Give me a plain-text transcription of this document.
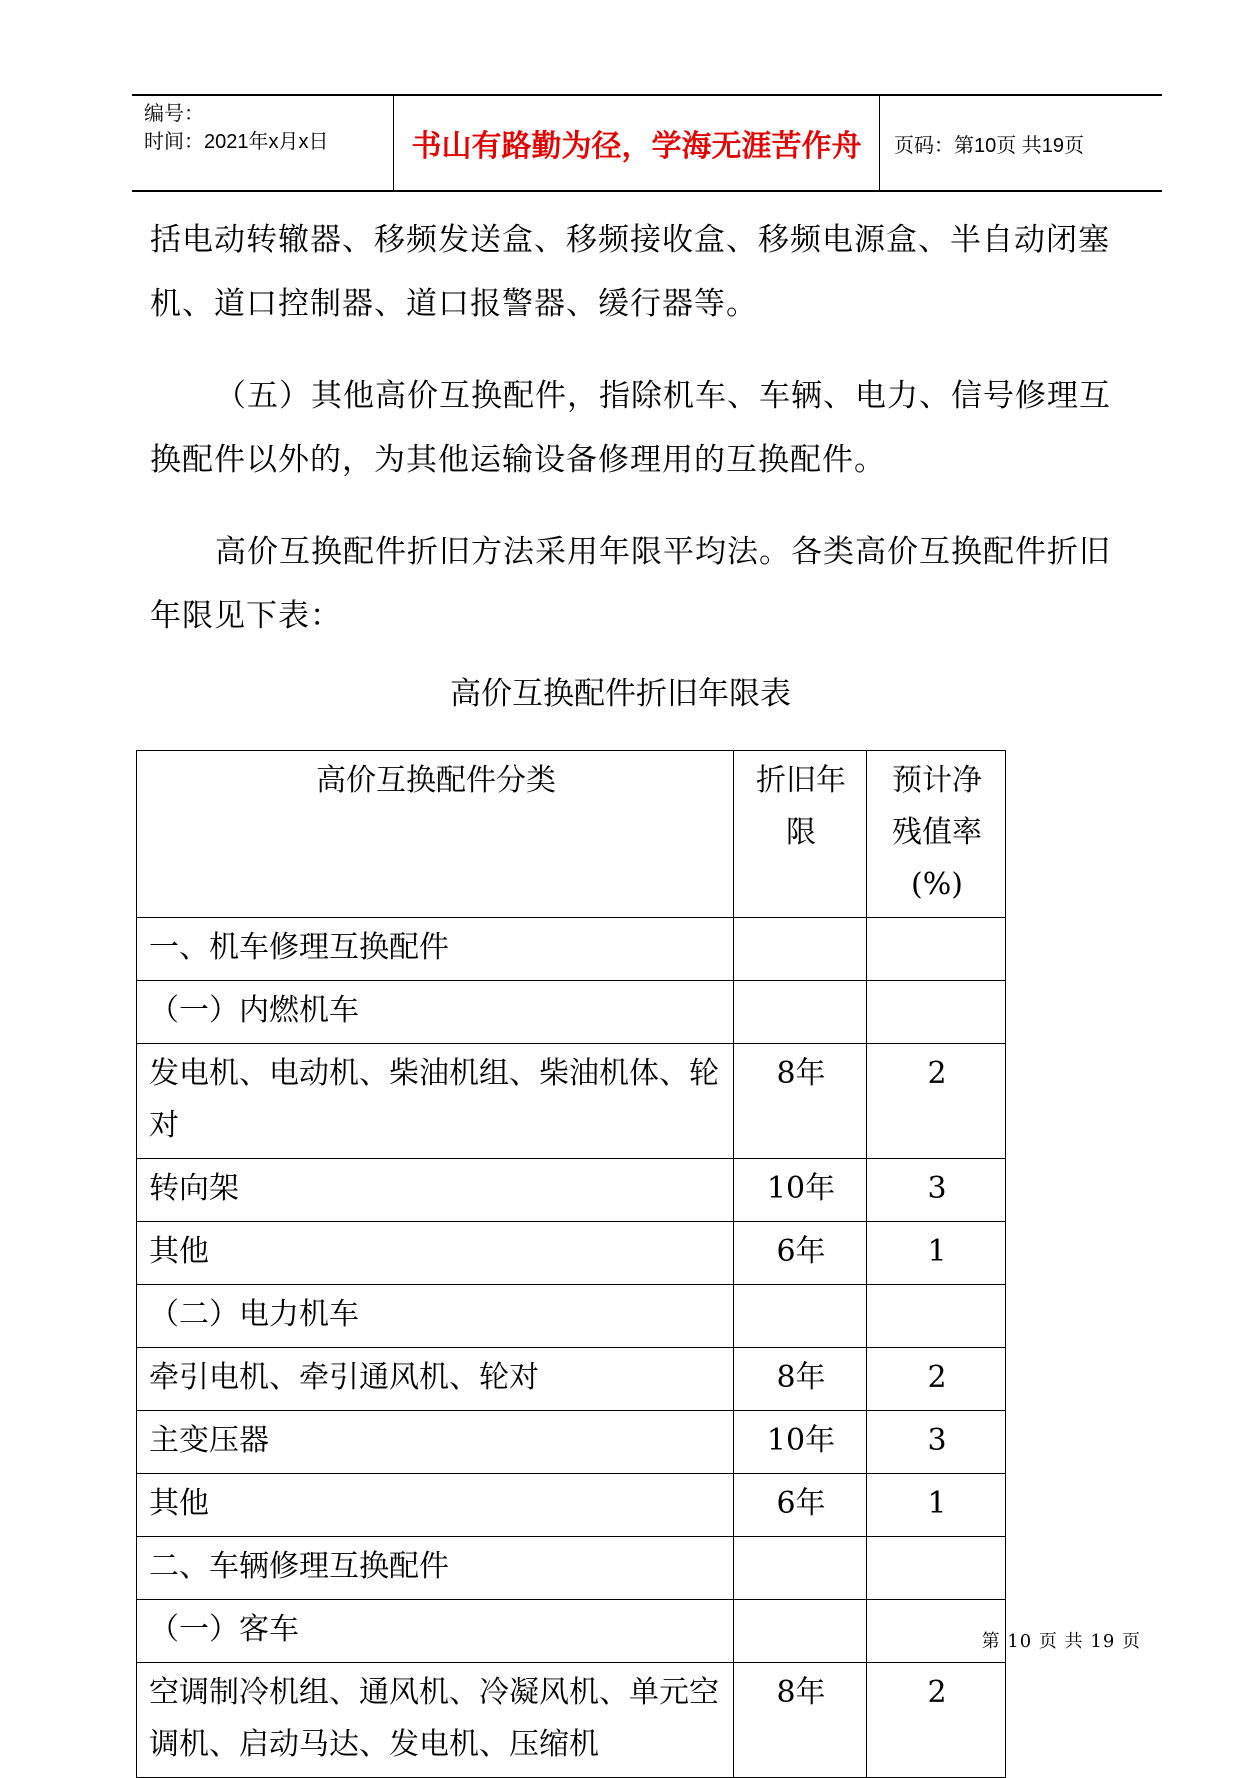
编号：
时间：2021年x月x日	书山有路勤为径，学海无涯苦作舟 页码：第10页 共19页
括电动转辙器、移频发送盒、移频接收盒、移频电源盒、半自动闭塞机、道口控制器、道口报警器、缓行器等。
（五）其他高价互换配件，指除机车、车辆、电力、信号修理互换配件以外的，为其他运输设备修理用的互换配件。
高价互换配件折旧方法采用年限平均法。各类高价互换配件折旧年限见下表：
高价互换配件折旧年限表
高价互换配件分类	折旧年限	预计净残值率(%)
一、机车修理互换配件		
（一）内燃机车		
发电机、电动机、柴油机组、柴油机体、轮对	8年	2
转向架	10年	3
其他	6年	1
（二）电力机车		
牵引电机、牵引通风机、轮对	8年	2
主变压器	10年	3
其他	6年	1
二、车辆修理互换配件		
（一）客车		
空调制冷机组、通风机、冷凝风机、单元空调机、启动马达、发电机、压缩机	8年	2
第 10 页 共 19 页
